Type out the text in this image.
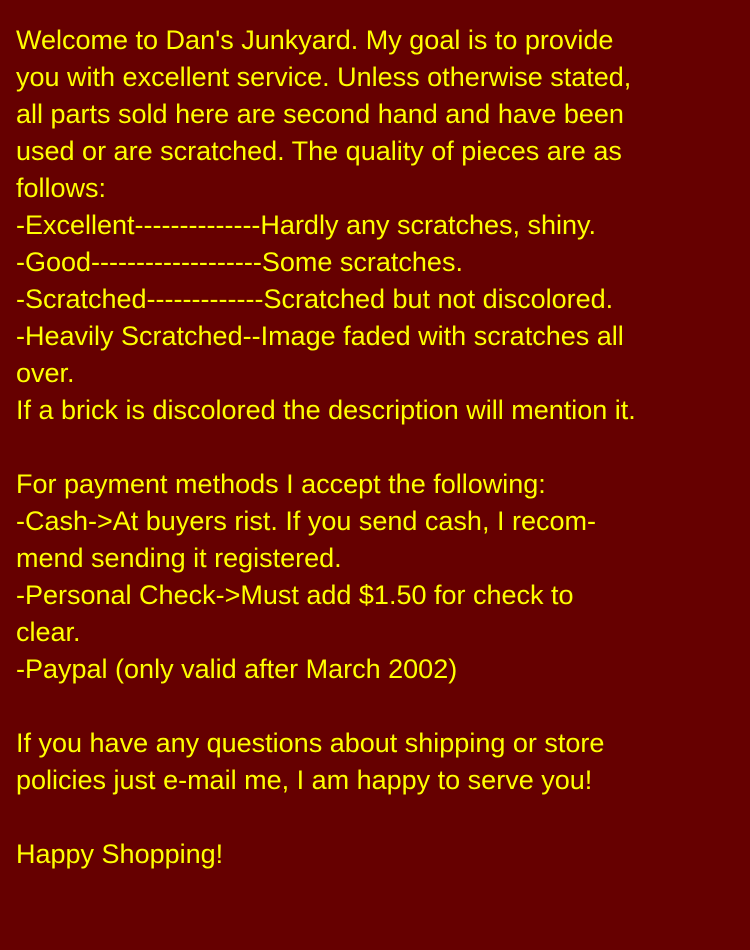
Welcome to Dan's Junkyard. My goal is to provide
you with excellent service. Unless otherwise stated,
all parts sold here are second hand and have been
used or are scratched. The quality of pieces are as
follows:
-Excellent--------------Hardly any scratches, shiny.
-Good-------------------Some scratches.
-Scratched-------------Scratched but not discolored.
-Heavily Scratched--Image faded with scratches all
over.
If a brick is discolored the description will mention it.
For payment methods I accept the following:
-Cash->At buyers rist. If you send cash, I recom-
mend sending it registered.
-Personal Check->Must add $1.50 for check to
clear.
-Paypal (only valid after March 2002)
If you have any questions about shipping or store
policies just e-mail me, I am happy to serve you!
Happy Shopping!
